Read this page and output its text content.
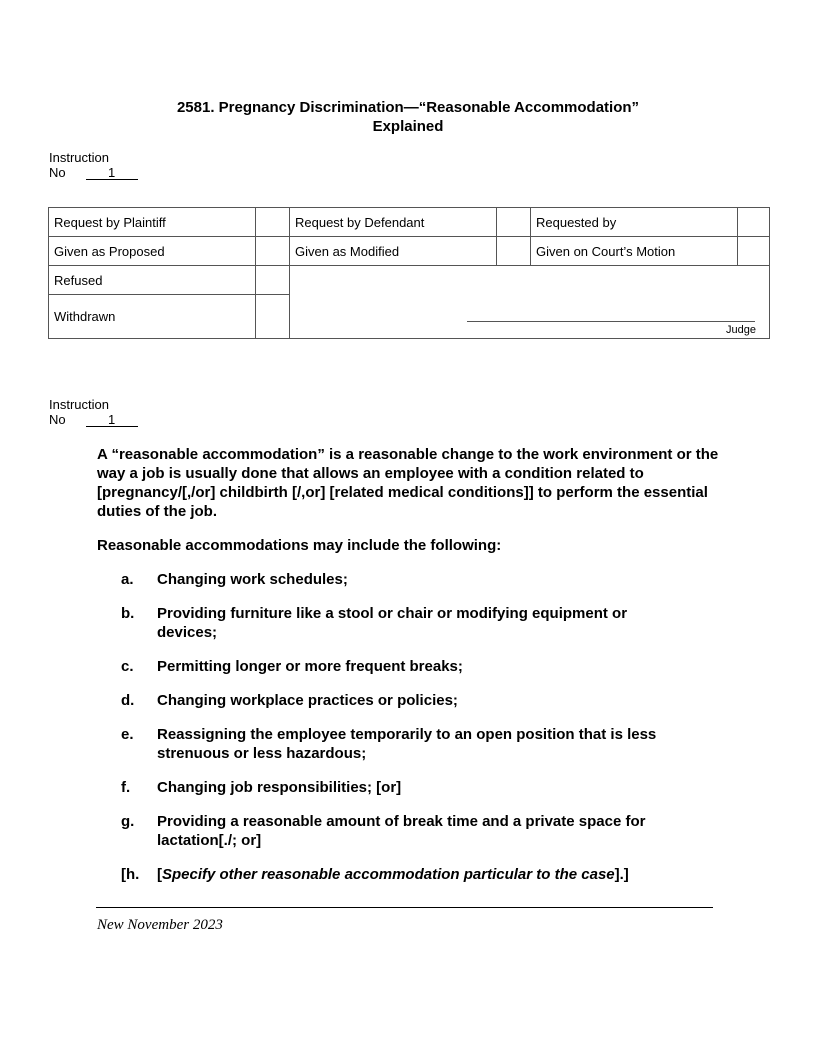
2581. Pregnancy Discrimination—“Reasonable Accommodation”
Explained
Instruction
No	1
Request by Plaintiff		Request by Defendant		Requested by	
Given as Proposed		Given as Modified		Given on Court’s Motion	
Refused		Judge			

Withdrawn					
Instruction
No	1

A “reasonable accommodation” is a reasonable change to the work environment or the way a job is usually done that allows an employee with a condition related to [pregnancy/[,/or] childbirth [/,or] [related medical conditions]] to perform the essential duties of the job.

Reasonable accommodations may include the following:

a.	Changing work schedules;
b.	Providing furniture like a stool or chair or modifying equipment or devices;
c.	Permitting longer or more frequent breaks;
d.	Changing workplace practices or policies;
e.	Reassigning the employee temporarily to an open position that is less strenuous or less hazardous;
f.	Changing job responsibilities; [or]
g.	Providing a reasonable amount of break time and a private space for lactation[./; or]
[h.	[Specify other reasonable accommodation particular to the case].]
New November 2023
